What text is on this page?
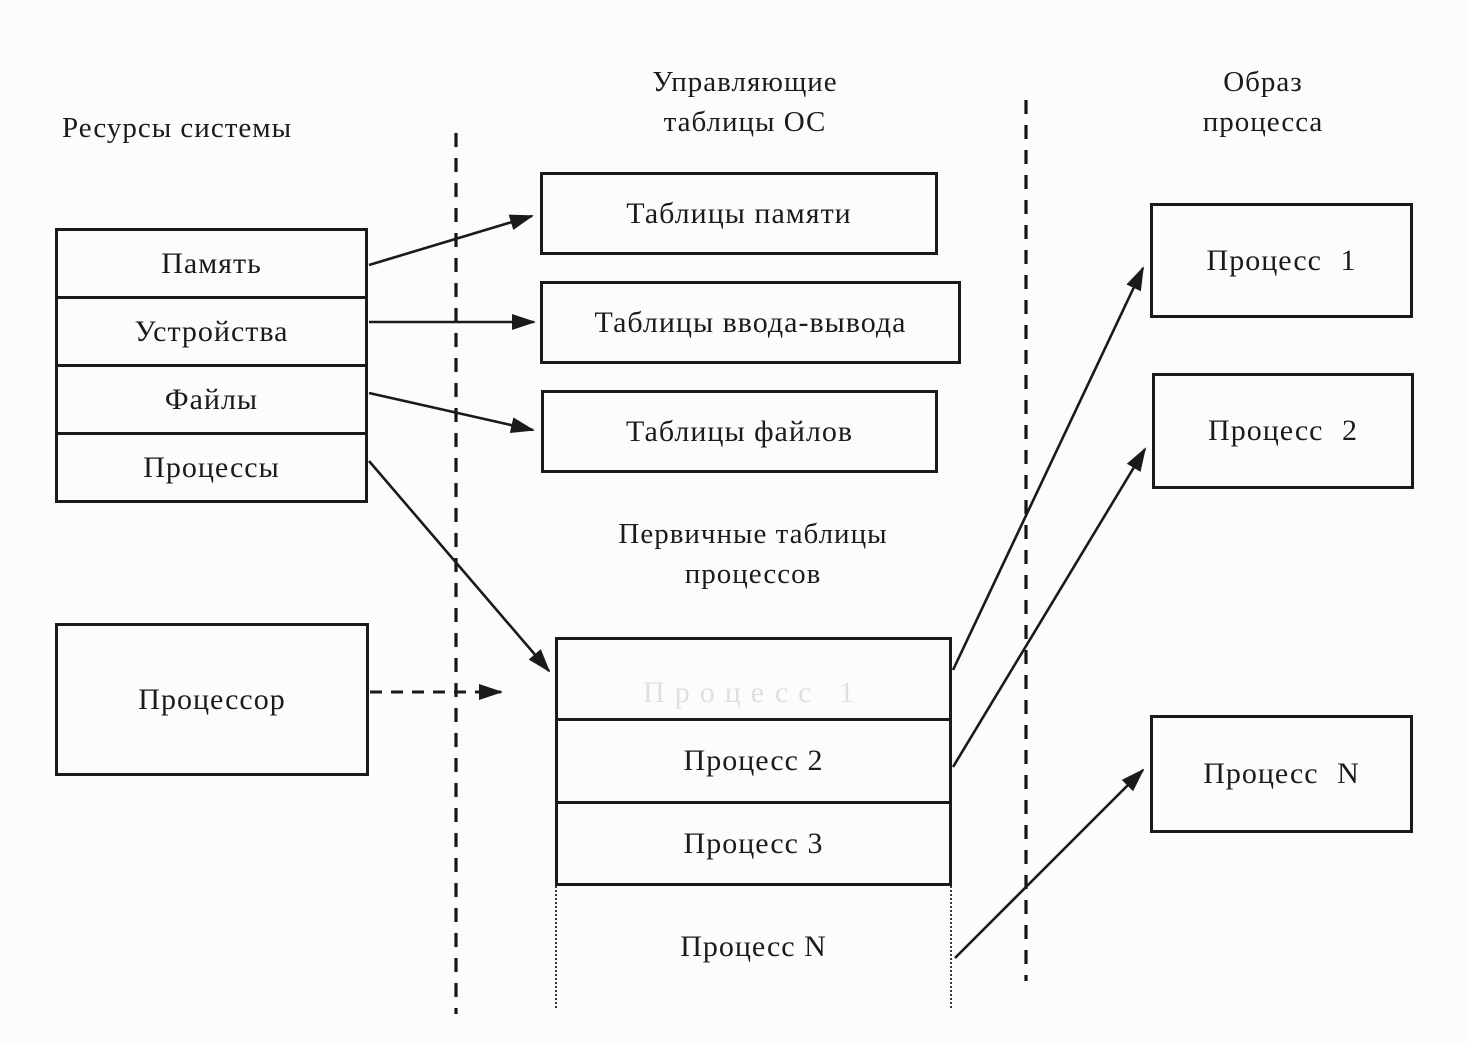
Ресурсы системы
Управляющие
таблицы ОС
Образ
процесса
Первичные таблицы
процессов
Память
Устройства
Файлы
Процессы
Процессор
Таблицы памяти
Таблицы ввода-вывода
Таблицы файлов
Процесс 1
Процесс 2
Процесс 3
Процесс N
Процесс 1
Процесс 2
Процесс N
